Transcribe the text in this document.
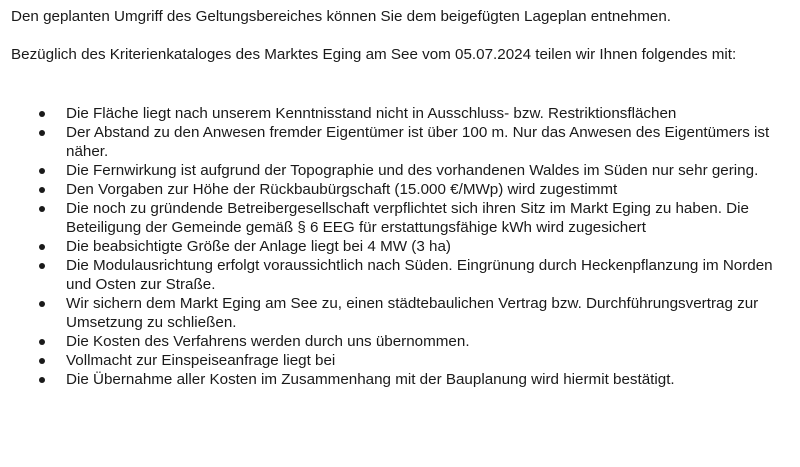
Den geplanten Umgriff des Geltungsbereiches können Sie dem beigefügten Lageplan entnehmen.

Bezüglich des Kriterienkataloges des Marktes Eging am See vom 05.07.2024 teilen wir Ihnen folgendes mit:

Die Fläche liegt nach unserem Kenntnisstand nicht in Ausschluss- bzw. Restriktionsflächen
Der Abstand zu den Anwesen fremder Eigentümer ist über 100 m. Nur das Anwesen des Eigentümers ist näher.
Die Fernwirkung ist aufgrund der Topographie und des vorhandenen Waldes im Süden nur sehr gering.
Den Vorgaben zur Höhe der Rückbaubürgschaft (15.000 €/MWp) wird zugestimmt
Die noch zu gründende Betreibergesellschaft verpflichtet sich ihren Sitz im Markt Eging zu haben. Die Beteiligung der Gemeinde gemäß § 6 EEG für erstattungsfähige kWh wird zugesichert
Die beabsichtigte Größe der Anlage liegt bei 4 MW (3 ha)
Die Modulausrichtung erfolgt voraussichtlich nach Süden. Eingrünung durch Heckenpflanzung im Norden und Osten zur Straße.
Wir sichern dem Markt Eging am See zu, einen städtebaulichen Vertrag bzw. Durchführungsvertrag zur Umsetzung zu schließen.
Die Kosten des Verfahrens werden durch uns übernommen.
Vollmacht zur Einspeiseanfrage liegt bei
Die Übernahme aller Kosten im Zusammenhang mit der Bauplanung wird hiermit bestätigt.
